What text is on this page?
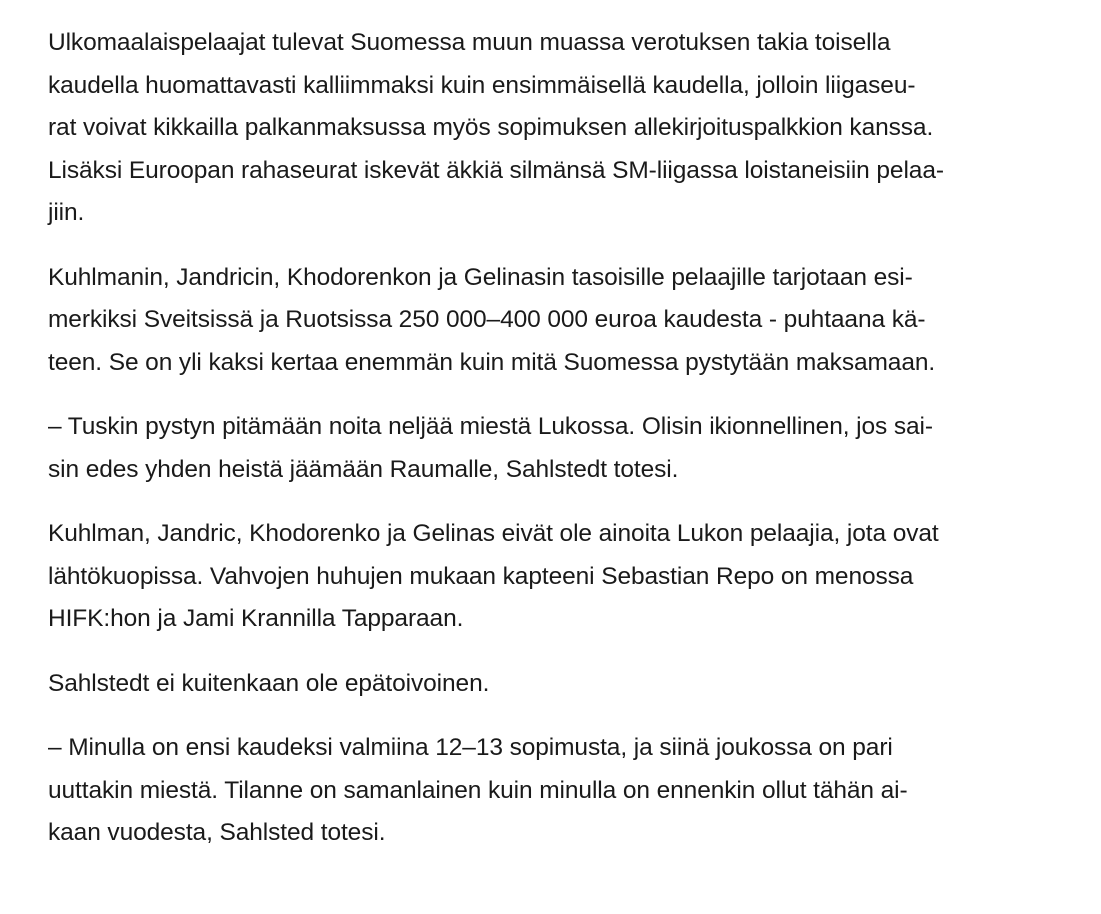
Ulkomaalaispelaajat tulevat Suomessa muun muassa verotuksen takia toisella
kaudella huomattavasti kalliimmaksi kuin ensimmäisellä kaudella, jolloin liigaseu-
rat voivat kikkailla palkanmaksussa myös sopimuksen allekirjoituspalkkion kanssa.
Lisäksi Euroopan rahaseurat iskevät äkkiä silmänsä SM-liigassa loistaneisiin pelaa-
jiin.

Kuhlmanin, Jandricin, Khodorenkon ja Gelinasin tasoisille pelaajille tarjotaan esi-
merkiksi Sveitsissä ja Ruotsissa 250 000–400 000 euroa kaudesta - puhtaana kä-
teen. Se on yli kaksi kertaa enemmän kuin mitä Suomessa pystytään maksamaan.

– Tuskin pystyn pitämään noita neljää miestä Lukossa. Olisin ikionnellinen, jos sai-
sin edes yhden heistä jäämään Raumalle, Sahlstedt totesi.

Kuhlman, Jandric, Khodorenko ja Gelinas eivät ole ainoita Lukon pelaajia, jota ovat
lähtökuopissa. Vahvojen huhujen mukaan kapteeni Sebastian Repo on menossa
HIFK:hon ja Jami Krannilla Tapparaan.

Sahlstedt ei kuitenkaan ole epätoivoinen.

– Minulla on ensi kaudeksi valmiina 12–13 sopimusta, ja siinä joukossa on pari
uuttakin miestä. Tilanne on samanlainen kuin minulla on ennenkin ollut tähän ai-
kaan vuodesta, Sahlsted totesi.
